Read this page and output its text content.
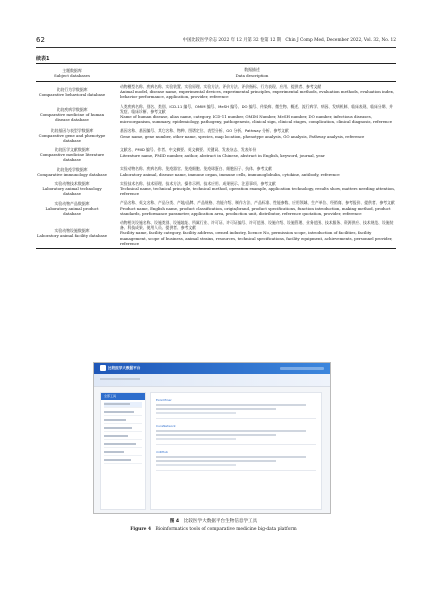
62	中国比较医学杂志 2022 年 12 月第 32 卷第 12 期　Chin J Comp Med, December 2022, Vol. 32, No. 12
续表1
主题数据库
Subject databases
数据描述
Data description
比较行为学数据库
Comparative behavioral database

动物模型名称、疾病名称、实验装置、实验原理、实验方法、评价方法、评价指标、行为表现、应用、提供者、参考文献

Animal model, disease name, experimental devices, experimental principles, experimental methods, evaluation methods, evaluation index, behavior performance, application, provider, reference

比较疾病学数据库
Comparative medicine of human disease database

人类疾病名称、别名、类别、ICD-11 编号、OMIM 编号、MeSH 编号、DO 编号、传染病、微生物、概述、流行病学、病因、发病机制、临床表现、临床分期、并发症、临床诊断、参考文献

Name of human disease, alias name, category, ICD-11 number, OMIM Number, MeSH number, DO number, infectious diseases, microorganism, summary, epidemiology, pathogeny, pathogenesis, clinical sign, clinical stages, complication, clinical diagnosis, reference

比较基因与表型学数据库
Comparative gene and phenotype database

基因名称、基因编号、其它名称、物种、图谱定位、表型分析、GO 分析、Pathway 分析、参考文献

Gene name, gene number, other name, species, map location, phenotype analysis, GO analysis, Pathway analysis, reference

比较医学文献数据库
Comparative medicine literature database

文献名、PMID 编号、作者、中文摘要、英文摘要、关键词、发表杂志、发表年份

Literature name, PMID number, author, abstract in Chinese, abstract in English, keyword, journal, year

比较免疫学数据库
Comparative immunology database

实验动物名称、疾病名称、免疫器官、免疫细胞、免疫球蛋白、细胞因子、抗体、参考文献

Laboratory animal, disease name, immune organ, immune cells, immunoglobulin, cytokine, antibody, reference

实验动物技术数据库
Laboratory animal technology database

实验技术名称、技术原理、技术方法、操作示例、技术应用、成果展示、注意事项、参考文献

Technical name, technical principle, technical method, operation example, application technology, results show, matters needing attention, reference

实验动物产品数据库
Laboratory animal product database

产品名称、英文名称、产品分类、产地/品牌、产品规格、功能介绍、制作方法、产品标准、性能参数、应用领域、生产单位、经销商、参考报价、提供者、参考文献

Product name, English name, product classification, origin/brand, product specifications, function introduction, making method, product standards, performance parameter, application area, production unit, distributor, reference quotation, provider, reference

实验动物设施数据库
Laboratory animal facility database

动物相关设施名称、设施类别、设施地址、所属行业、许可证、许可证编号、许可范围、设施介绍、设施管理、业务范围、技术服务、资源供应、技术规范、设施装备、科技成果、使用人员、提供者、参考文献

Facility name, facility category, facility address, owned industry, licence No, permission scope, introduction of facilities, facility management, scope of business, animal strains, resources, technical specifications, facility equipment, achievements, personnel provider, reference

比较医学大数据平台
全部工具
ExonMiner
CuraNetwork
miRHub
图 4　 比较医学大数据平台生物信息学工具
Figure 4　 Bioinformatics tools of comparative medicine big-data platform
